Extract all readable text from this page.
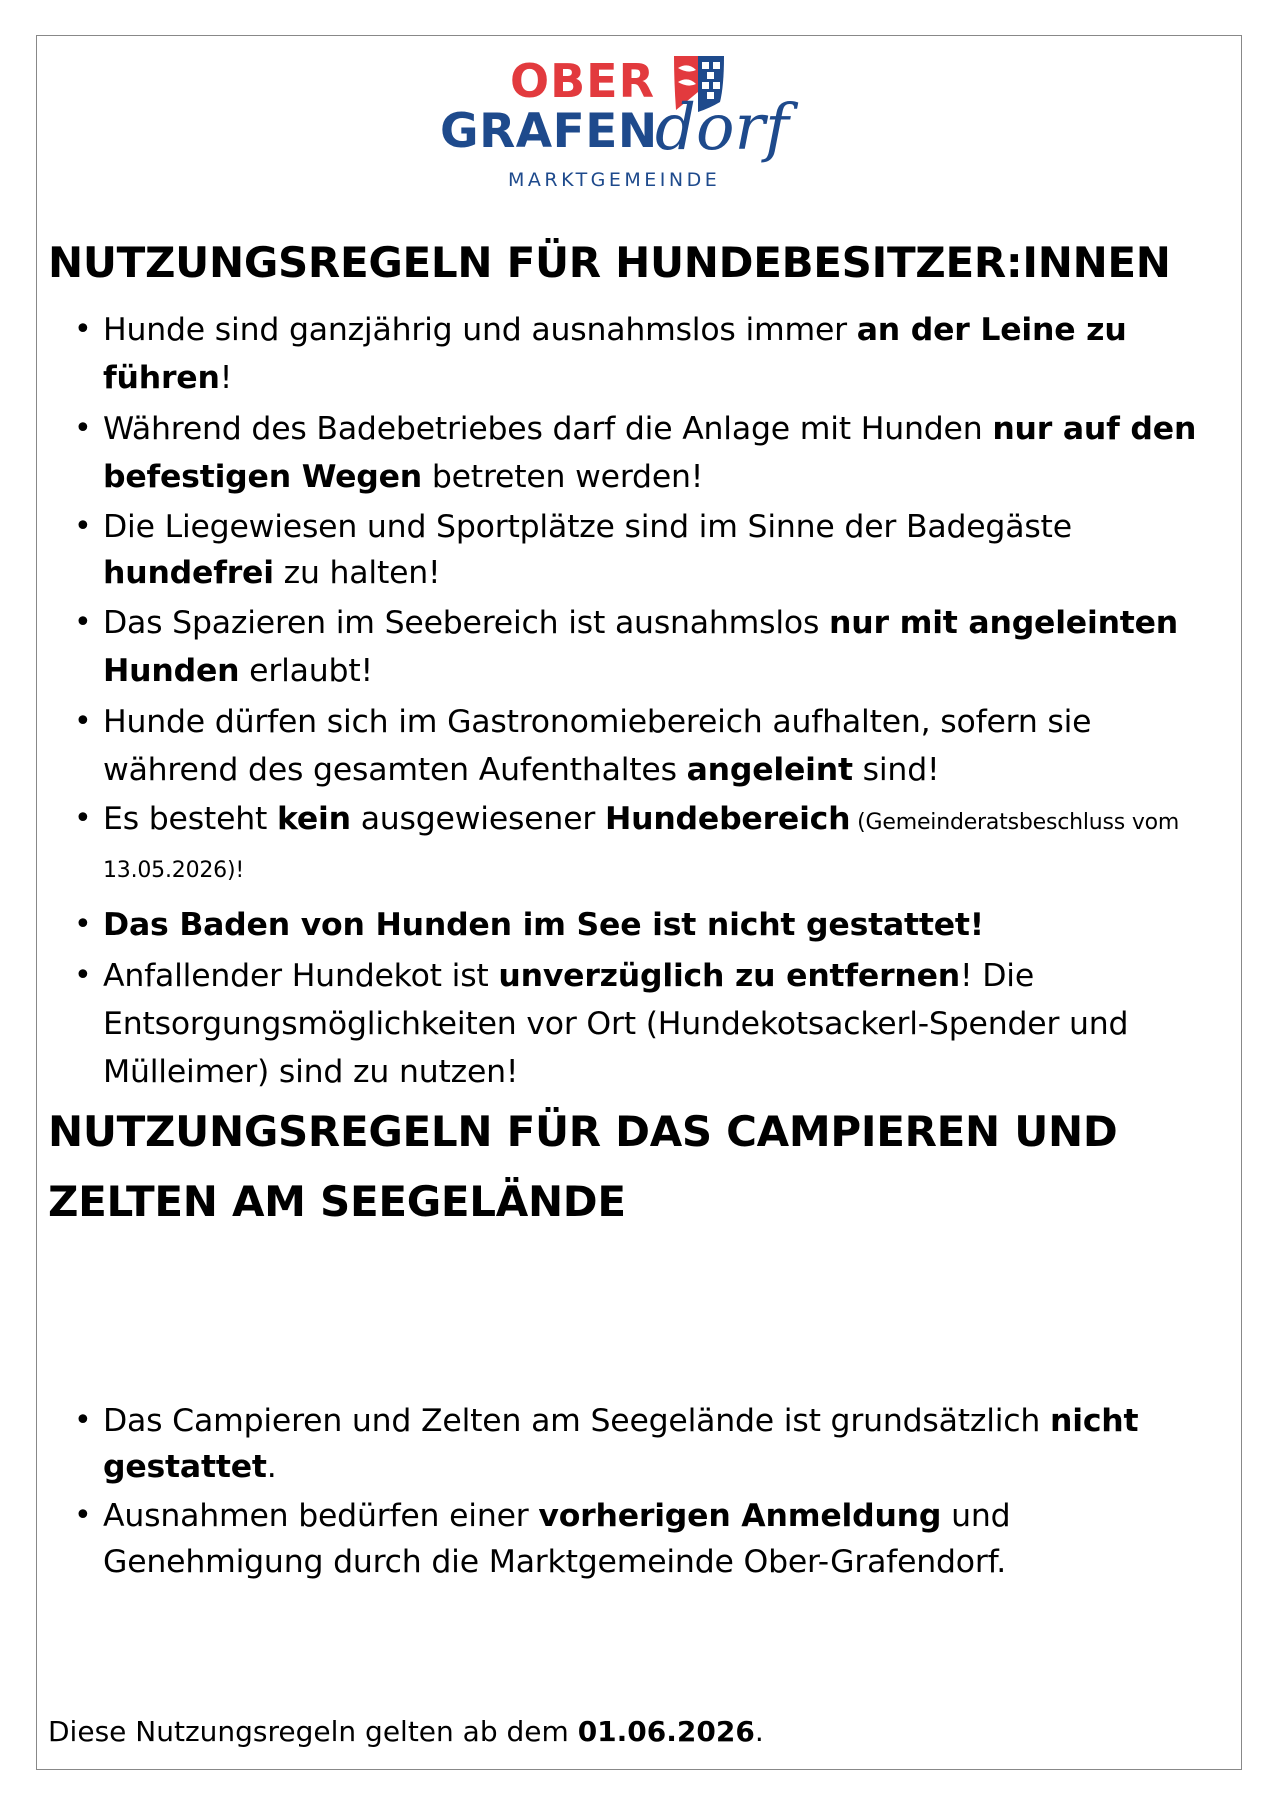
OBER
GRAFEN
dorf
MARKTGEMEINDE
NUTZUNGSREGELN FÜR HUNDEBESITZER:INNEN
• Hunde sind ganzjährig und ausnahmslos immer an der Leine zu führen!
• Während des Badebetriebes darf die Anlage mit Hunden nur auf den befestigen Wegen betreten werden!
• Die Liegewiesen und Sportplätze sind im Sinne der Badegäste hundefrei zu halten!
• Das Spazieren im Seebereich ist ausnahmslos nur mit angeleinten Hunden erlaubt!
• Hunde dürfen sich im Gastronomiebereich aufhalten, sofern sie während des gesamten Aufenthaltes angeleint sind!
• Es besteht kein ausgewiesener Hundebereich (Gemeinderatsbeschluss vom 13.05.2026)!
• Das Baden von Hunden im See ist nicht gestattet!
• Anfallender Hundekot ist unverzüglich zu entfernen! Die Entsorgungsmöglichkeiten vor Ort (Hundekotsackerl-Spender und Mülleimer) sind zu nutzen!
NUTZUNGSREGELN FÜR DAS CAMPIEREN UND ZELTEN AM SEEGELÄNDE
• Das Campieren und Zelten am Seegelände ist grundsätzlich nicht gestattet.
• Ausnahmen bedürfen einer vorherigen Anmeldung und Genehmigung durch die Marktgemeinde Ober-Grafendorf.
Diese Nutzungsregeln gelten ab dem 01.06.2026.
